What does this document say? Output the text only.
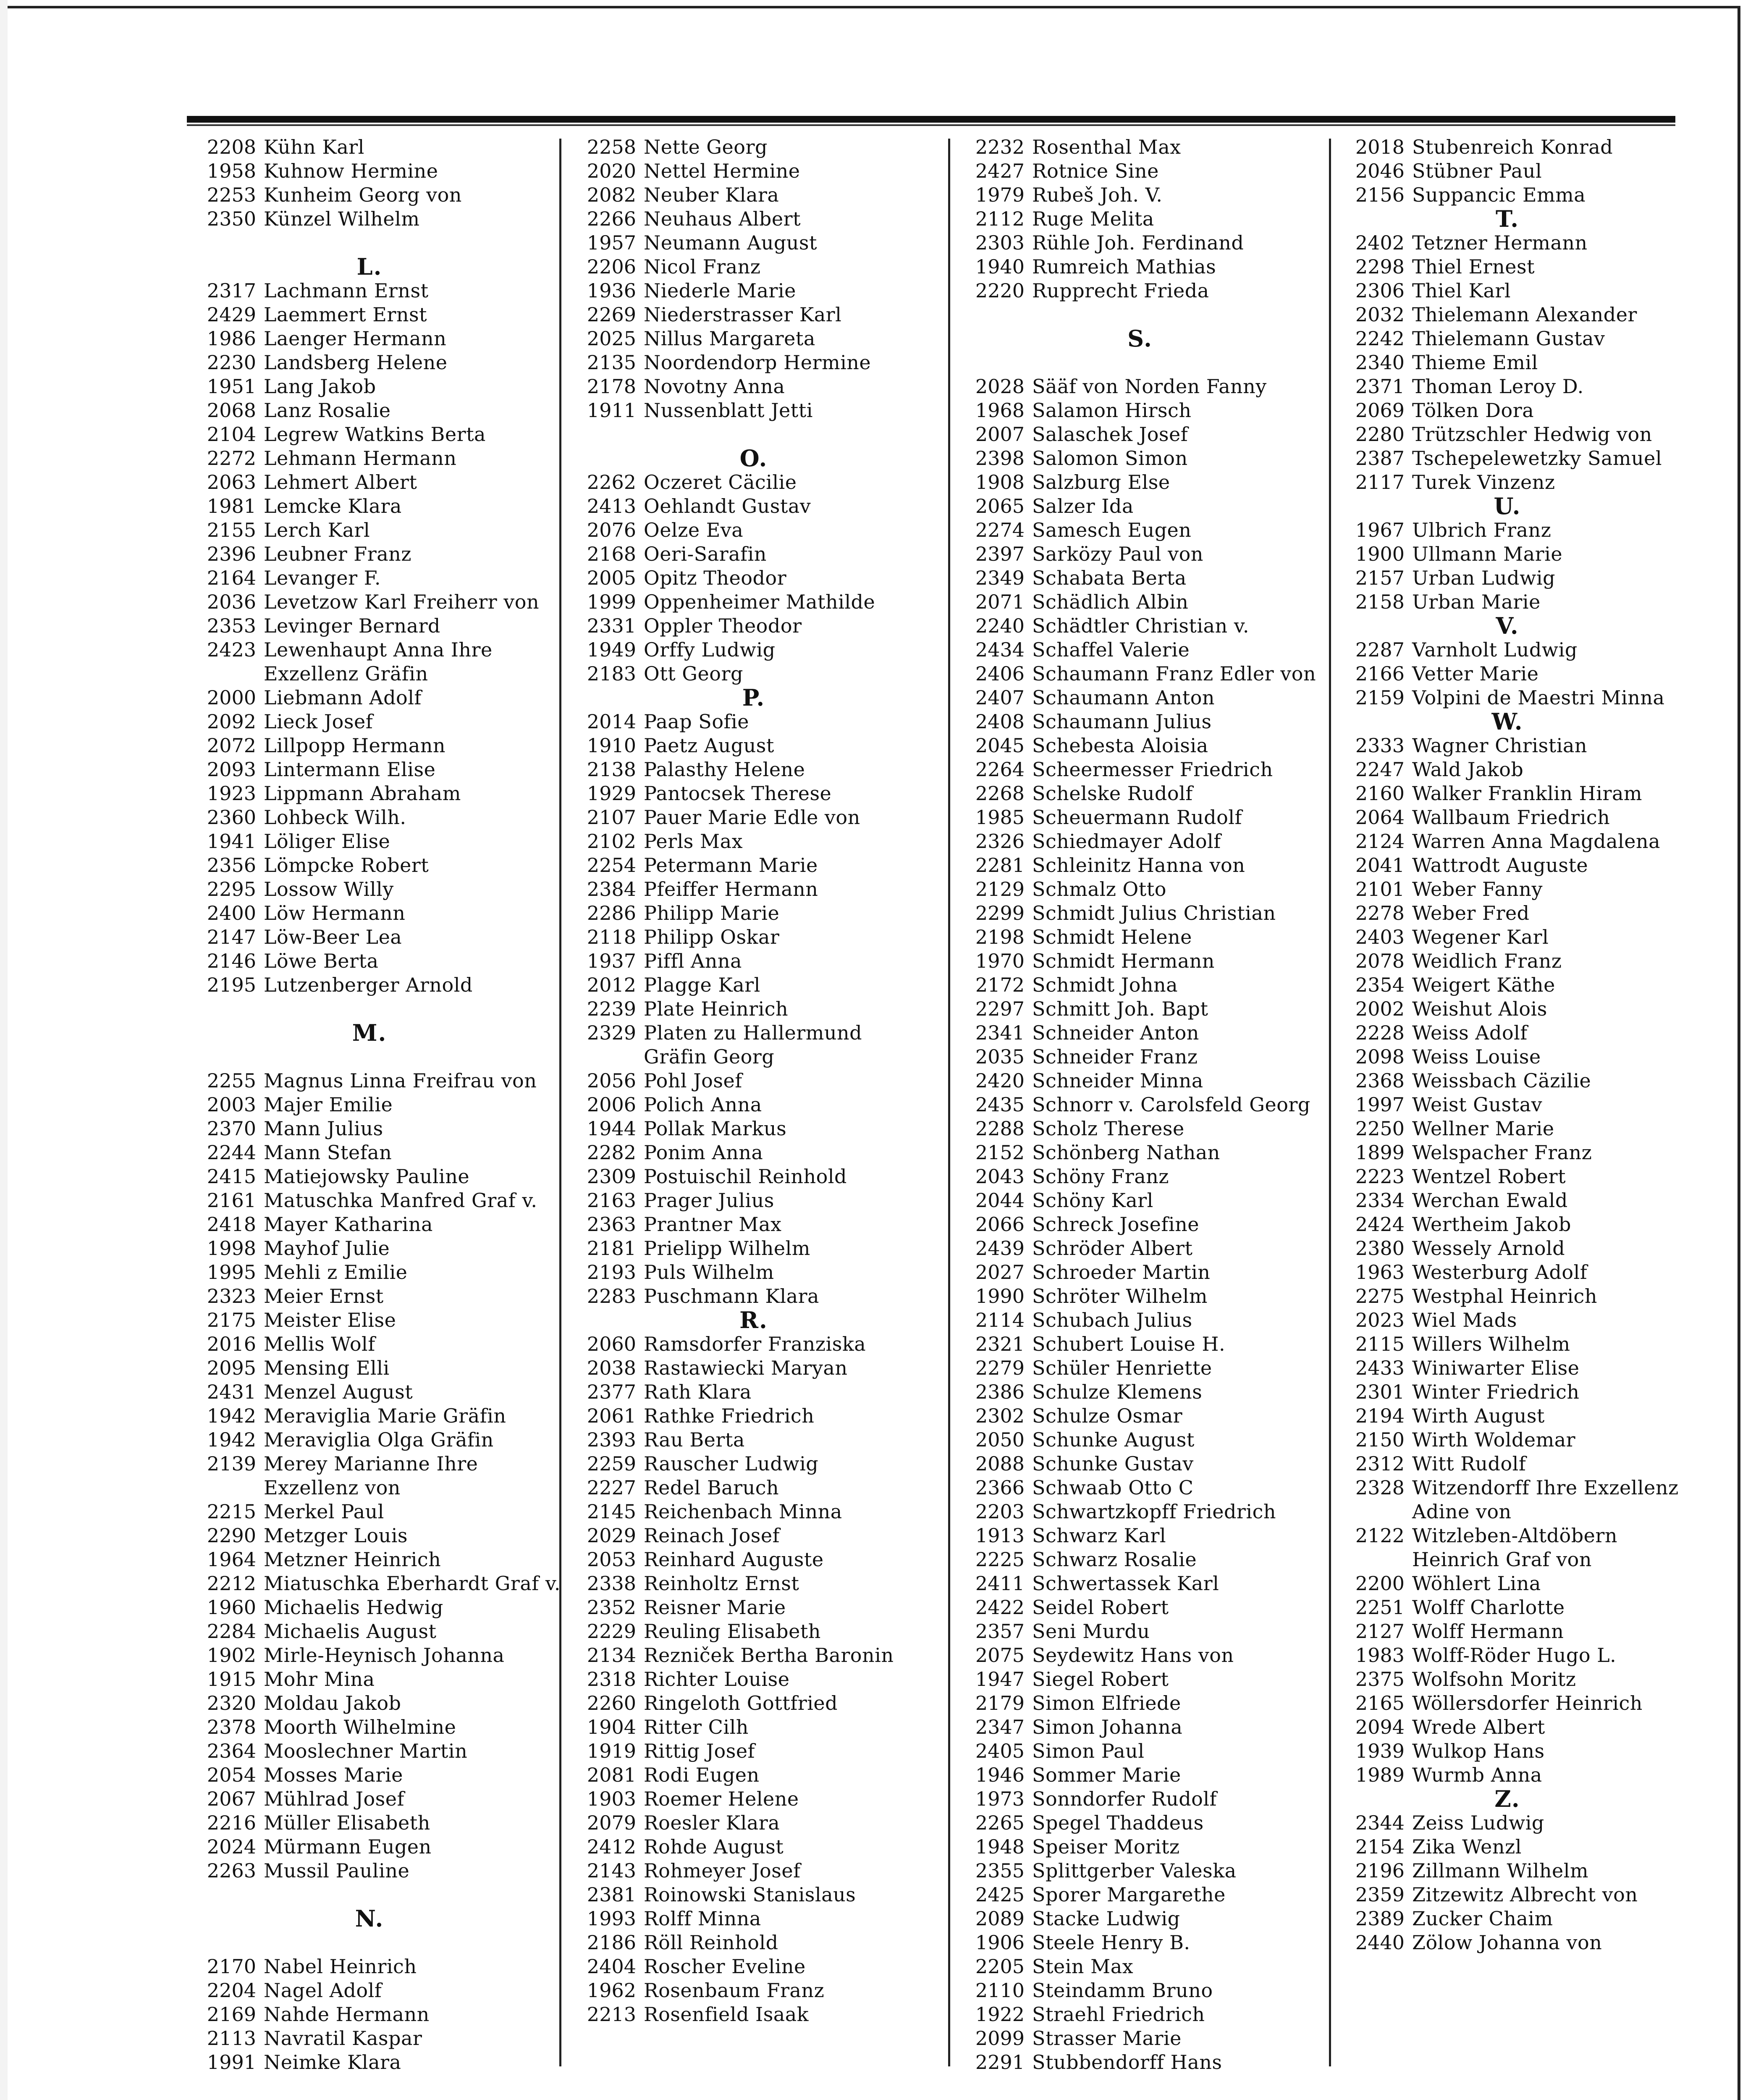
2208 Kühn Karl
1958 Kuhnow Hermine
2253 Kunheim Georg von
2350 Künzel Wilhelm
L.
2317 Lachmann Ernst
2429 Laemmert Ernst
1986 Laenger Hermann
2230 Landsberg Helene
1951 Lang Jakob
2068 Lanz Rosalie
2104 Legrew Watkins Berta
2272 Lehmann Hermann
2063 Lehmert Albert
1981 Lemcke Klara
2155 Lerch Karl
2396 Leubner Franz
2164 Levanger F.
2036 Levetzow Karl Freiherr von
2353 Levinger Bernard
2423 Lewenhaupt Anna Ihre
Exzellenz Gräfin
2000 Liebmann Adolf
2092 Lieck Josef
2072 Lillpopp Hermann
2093 Lintermann Elise
1923 Lippmann Abraham
2360 Lohbeck Wilh.
1941 Löliger Elise
2356 Lömpcke Robert
2295 Lossow Willy
2400 Löw Hermann
2147 Löw-Beer Lea
2146 Löwe Berta
2195 Lutzenberger Arnold
M.
2255 Magnus Linna Freifrau von
2003 Majer Emilie
2370 Mann Julius
2244 Mann Stefan
2415 Matiejowsky Pauline
2161 Matuschka Manfred Graf v.
2418 Mayer Katharina
1998 Mayhof Julie
1995 Mehli z Emilie
2323 Meier Ernst
2175 Meister Elise
2016 Mellis Wolf
2095 Mensing Elli
2431 Menzel August
1942 Meraviglia Marie Gräfin
1942 Meraviglia Olga Gräfin
2139 Merey Marianne Ihre
Exzellenz von
2215 Merkel Paul
2290 Metzger Louis
1964 Metzner Heinrich
2212 Miatuschka Eberhardt Graf v.
1960 Michaelis Hedwig
2284 Michaelis August
1902 Mirle-Heynisch Johanna
1915 Mohr Mina
2320 Moldau Jakob
2378 Moorth Wilhelmine
2364 Mooslechner Martin
2054 Mosses Marie
2067 Mühlrad Josef
2216 Müller Elisabeth
2024 Mürmann Eugen
2263 Mussil Pauline
N.
2170 Nabel Heinrich
2204 Nagel Adolf
2169 Nahde Hermann
2113 Navratil Kaspar
1991 Neimke Klara
2258 Nette Georg
2020 Nettel Hermine
2082 Neuber Klara
2266 Neuhaus Albert
1957 Neumann August
2206 Nicol Franz
1936 Niederle Marie
2269 Niederstrasser Karl
2025 Nillus Margareta
2135 Noordendorp Hermine
2178 Novotny Anna
1911 Nussenblatt Jetti
O.
2262 Oczeret Cäcilie
2413 Oehlandt Gustav
2076 Oelze Eva
2168 Oeri-Sarafin
2005 Opitz Theodor
1999 Oppenheimer Mathilde
2331 Oppler Theodor
1949 Orffy Ludwig
2183 Ott Georg
P.
2014 Paap Sofie
1910 Paetz August
2138 Palasthy Helene
1929 Pantocsek Therese
2107 Pauer Marie Edle von
2102 Perls Max
2254 Petermann Marie
2384 Pfeiffer Hermann
2286 Philipp Marie
2118 Philipp Oskar
1937 Piffl Anna
2012 Plagge Karl
2239 Plate Heinrich
2329 Platen zu Hallermund
Gräfin Georg
2056 Pohl Josef
2006 Polich Anna
1944 Pollak Markus
2282 Ponim Anna
2309 Postuischil Reinhold
2163 Prager Julius
2363 Prantner Max
2181 Prielipp Wilhelm
2193 Puls Wilhelm
2283 Puschmann Klara
R.
2060 Ramsdorfer Franziska
2038 Rastawiecki Maryan
2377 Rath Klara
2061 Rathke Friedrich
2393 Rau Berta
2259 Rauscher Ludwig
2227 Redel Baruch
2145 Reichenbach Minna
2029 Reinach Josef
2053 Reinhard Auguste
2338 Reinholtz Ernst
2352 Reisner Marie
2229 Reuling Elisabeth
2134 Rezniček Bertha Baronin
2318 Richter Louise
2260 Ringeloth Gottfried
1904 Ritter Cilh
1919 Rittig Josef
2081 Rodi Eugen
1903 Roemer Helene
2079 Roesler Klara
2412 Rohde August
2143 Rohmeyer Josef
2381 Roinowski Stanislaus
1993 Rolff Minna
2186 Röll Reinhold
2404 Roscher Eveline
1962 Rosenbaum Franz
2213 Rosenfield Isaak
2232 Rosenthal Max
2427 Rotnice Sine
1979 Rubeš Joh. V.
2112 Ruge Melita
2303 Rühle Joh. Ferdinand
1940 Rumreich Mathias
2220 Rupprecht Frieda
S.
2028 Sääf von Norden Fanny
1968 Salamon Hirsch
2007 Salaschek Josef
2398 Salomon Simon
1908 Salzburg Else
2065 Salzer Ida
2274 Samesch Eugen
2397 Sarközy Paul von
2349 Schabata Berta
2071 Schädlich Albin
2240 Schädtler Christian v.
2434 Schaffel Valerie
2406 Schaumann Franz Edler von
2407 Schaumann Anton
2408 Schaumann Julius
2045 Schebesta Aloisia
2264 Scheermesser Friedrich
2268 Schelske Rudolf
1985 Scheuermann Rudolf
2326 Schiedmayer Adolf
2281 Schleinitz Hanna von
2129 Schmalz Otto
2299 Schmidt Julius Christian
2198 Schmidt Helene
1970 Schmidt Hermann
2172 Schmidt Johna
2297 Schmitt Joh. Bapt
2341 Schneider Anton
2035 Schneider Franz
2420 Schneider Minna
2435 Schnorr v. Carolsfeld Georg
2288 Scholz Therese
2152 Schönberg Nathan
2043 Schöny Franz
2044 Schöny Karl
2066 Schreck Josefine
2439 Schröder Albert
2027 Schroeder Martin
1990 Schröter Wilhelm
2114 Schubach Julius
2321 Schubert Louise H.
2279 Schüler Henriette
2386 Schulze Klemens
2302 Schulze Osmar
2050 Schunke August
2088 Schunke Gustav
2366 Schwaab Otto C
2203 Schwartzkopff Friedrich
1913 Schwarz Karl
2225 Schwarz Rosalie
2411 Schwertassek Karl
2422 Seidel Robert
2357 Seni Murdu
2075 Seydewitz Hans von
1947 Siegel Robert
2179 Simon Elfriede
2347 Simon Johanna
2405 Simon Paul
1946 Sommer Marie
1973 Sonndorfer Rudolf
2265 Spegel Thaddeus
1948 Speiser Moritz
2355 Splittgerber Valeska
2425 Sporer Margarethe
2089 Stacke Ludwig
1906 Steele Henry B.
2205 Stein Max
2110 Steindamm Bruno
1922 Straehl Friedrich
2099 Strasser Marie
2291 Stubbendorff Hans
2018 Stubenreich Konrad
2046 Stübner Paul
2156 Suppancic Emma
T.
2402 Tetzner Hermann
2298 Thiel Ernest
2306 Thiel Karl
2032 Thielemann Alexander
2242 Thielemann Gustav
2340 Thieme Emil
2371 Thoman Leroy D.
2069 Tölken Dora
2280 Trützschler Hedwig von
2387 Tscheрelewetzky Samuel
2117 Turek Vinzenz
U.
1967 Ulbrich Franz
1900 Ullmann Marie
2157 Urban Ludwig
2158 Urban Marie
V.
2287 Varnholt Ludwig
2166 Vetter Marie
2159 Volpini de Maestri Minna
W.
2333 Wagner Christian
2247 Wald Jakob
2160 Walker Franklin Hiram
2064 Wallbaum Friedrich
2124 Warren Anna Magdalena
2041 Wattrodt Auguste
2101 Weber Fanny
2278 Weber Fred
2403 Wegener Karl
2078 Weidlich Franz
2354 Weigert Käthe
2002 Weishut Alois
2228 Weiss Adolf
2098 Weiss Louise
2368 Weissbach Cäzilie
1997 Weist Gustav
2250 Wellner Marie
1899 Welspacher Franz
2223 Wentzel Robert
2334 Werchan Ewald
2424 Wertheim Jakob
2380 Wessely Arnold
1963 Westerburg Adolf
2275 Westphal Heinrich
2023 Wiel Mads
2115 Willers Wilhelm
2433 Winiwarter Elise
2301 Winter Friedrich
2194 Wirth August
2150 Wirth Woldemar
2312 Witt Rudolf
2328 Witzendorff Ihre Exzellenz
Adine von
2122 Witzleben-Altdöbern
Heinrich Graf von
2200 Wöhlert Lina
2251 Wolff Charlotte
2127 Wolff Hermann
1983 Wolff-Röder Hugo L.
2375 Wolfsohn Moritz
2165 Wöllersdorfer Heinrich
2094 Wrede Albert
1939 Wulkop Hans
1989 Wurmb Anna
Z.
2344 Zeiss Ludwig
2154 Zika Wenzl
2196 Zillmann Wilhelm
2359 Zitzewitz Albrecht von
2389 Zucker Chaim
2440 Zölow Johanna von
